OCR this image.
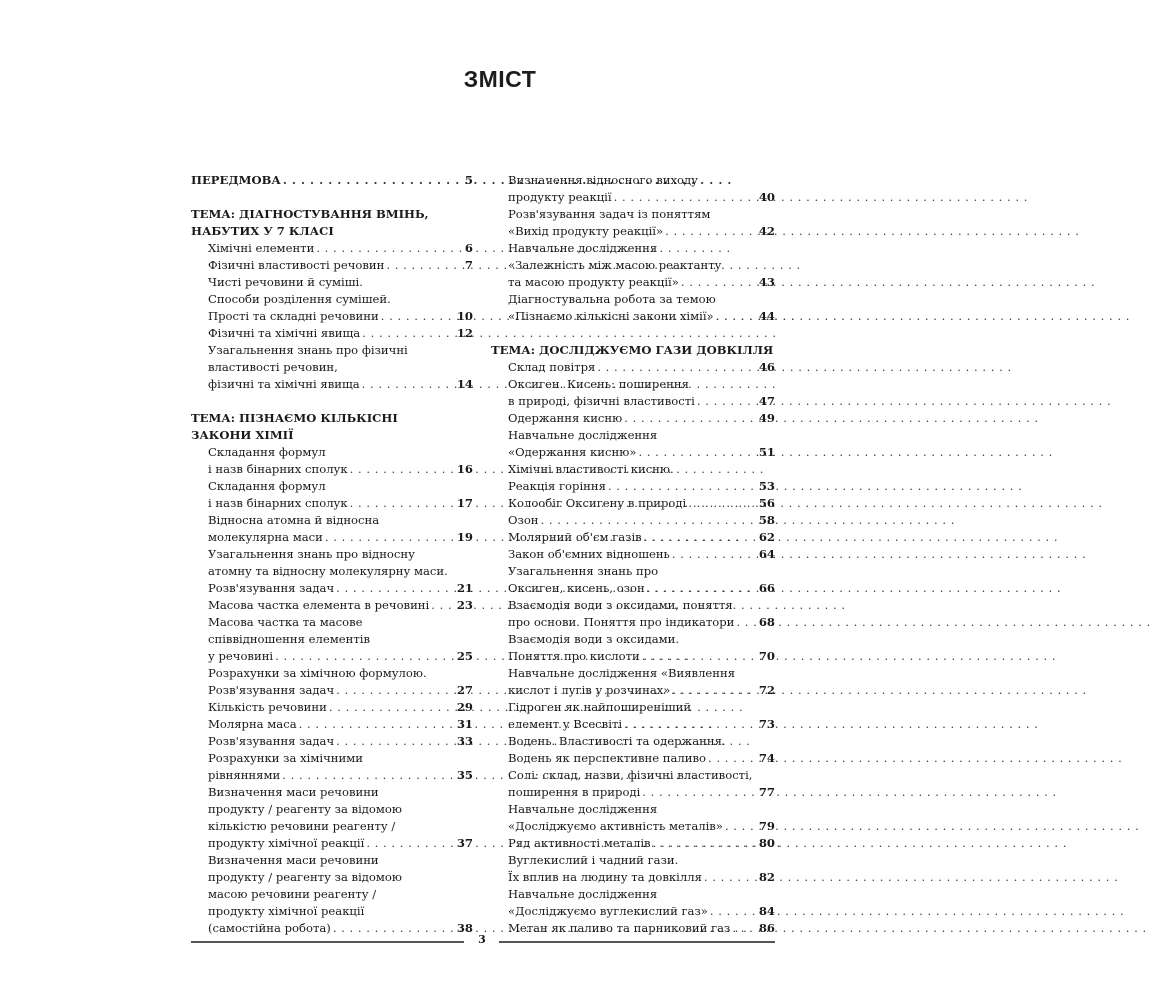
ЗМІСТ
ПЕРЕДМОВА . . .	5
ТЕМА: ДІАГНОСТУВАННЯ ВМІНЬ,
НАБУТИХ У 7 КЛАСІ
Хімічні елементи . . .	6
Фізичні властивості речовин . . .	7
Чисті речовини й суміші.
Способи розділення сумішей.
Прості та складні речовини . . .	10
Фізичні та хімічні явища . . .	12
Узагальнення знань про фізичні
властивості речовин,
фізичні та хімічні явища . . .	14
ТЕМА: ПІЗНАЄМО КІЛЬКІСНІ
ЗАКОНИ ХІМІЇ
Складання формул
і назв бінарних сполук . . .	16
Складання формул
і назв бінарних сполук . . .	17
Відносна атомна й відносна
молекулярна маси . . .	19
Узагальнення знань про відносну
атомну та відносну молекулярну маси.
Розв'язування задач . . .	21
Масова частка елемента в речовині . . . 23
Масова частка та масове
співвідношення елементів
у речовині . . .	25
Розрахунки за хімічною формулою.
Розв'язування задач . . .	27
Кількість речовини . . .	29
Молярна маса . . .	31
Розв'язування задач . . .	33
Розрахунки за хімічними
рівняннями . . .	35
Визначення маси речовини
продукту / реагенту за відомою
кількістю речовини реагенту /
продукту хімічної реакції . . .	37
Визначення маси речовини
продукту / реагенту за відомою
масою речовини реагенту /
продукту хімічної реакції
(самостійна робота) . . .	38
Визначення відносного виходу
продукту реакції . . .	40
Розв'язування задач із поняттям
«Вихід продукту реакції» . . .	42
Навчальне дослідження
«Залежність між масою реактанту
та масою продукту реакції» . . .	43
Діагностувальна робота за темою
«Пізнаємо кількісні закони хімії» . . .	44
ТЕМА: ДОСЛІДЖУЄМО ГАЗИ ДОВКІЛЛЯ
Склад повітря . . .	46
Оксиген. Кисень: поширення
в природі, фізичні властивості . . .	47
Одержання кисню . . .	49
Навчальне дослідження
«Одержання кисню» . . .	51
Хімічні властивості кисню.
Реакція горіння . . .	53
Колообіг Оксигену в природі . . .	56
Озон . . .	58
Молярний об'єм газів . . .	62
Закон об'ємних відношень . . .	64
Узагальнення знань про
Оксиген, кисень, озон . . .	66
Взаємодія води з оксидами, поняття
про основи. Поняття про індикатори . . . 68
Взаємодія води з оксидами.
Поняття про кислоти . . .	70
Навчальне дослідження «Виявлення
кислот і лугів у розчинах» . . .	72
Гідроген як найпоширеніший
елемент у Всесвіті . . .	73
Водень. Властивості та одержання.
Водень як перспективне паливо . . .	74
Солі: склад, назви, фізичні властивості,
поширення в природі . . .	77
Навчальне дослідження
«Досліджуємо активність металів» . . .	79
Ряд активності металів . . .	80
Вуглекислий і чадний гази.
Їх вплив на людину та довкілля . . .	82
Навчальне дослідження
«Досліджуємо вуглекислий газ» . . .	84
Метан як паливо та парниковий газ . . . 86
3
